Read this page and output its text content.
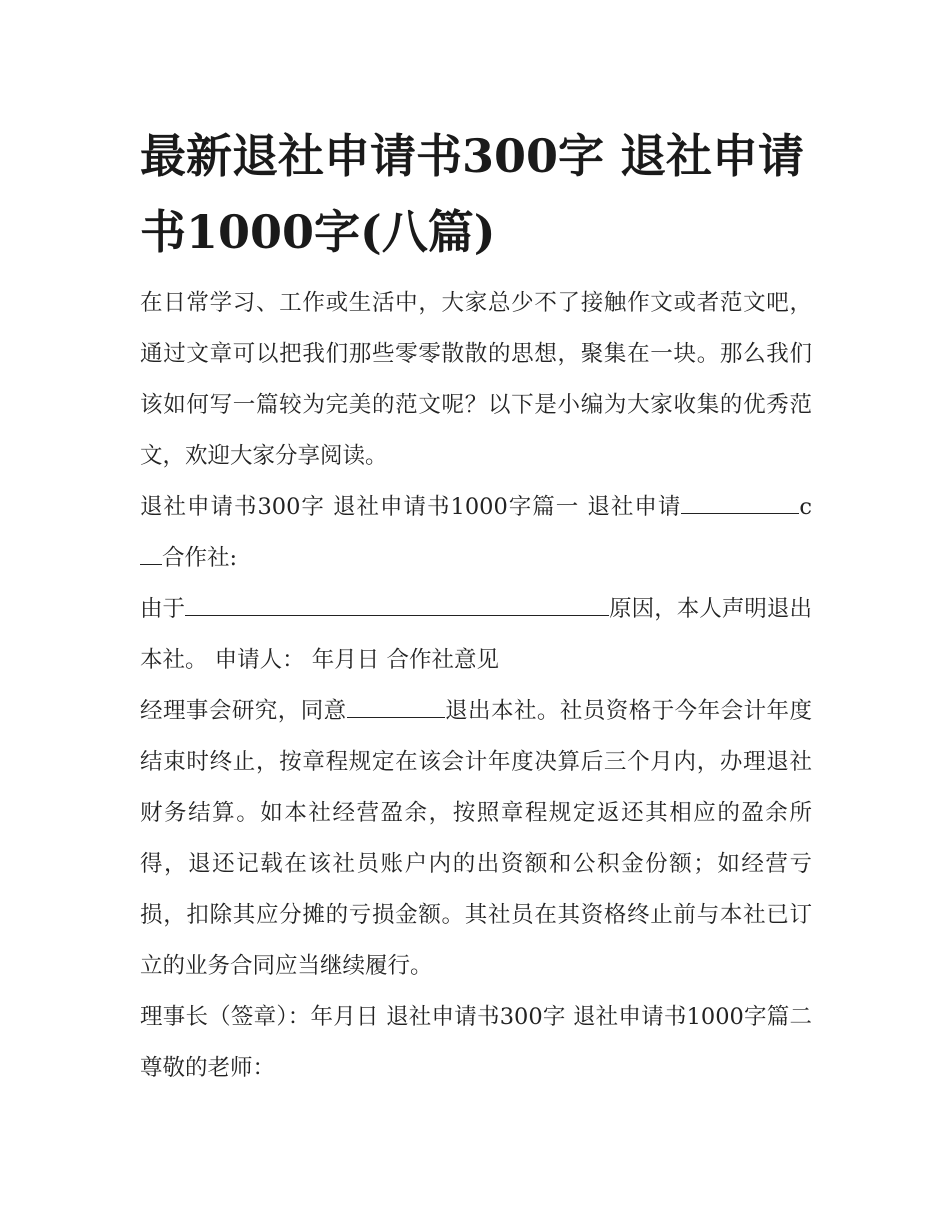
最新退社申请书300字 退社申请书1000字(八篇)

在日常学习、工作或生活中，大家总少不了接触作文或者范文吧，通过文章可以把我们那些零零散散的思想，聚集在一块。那么我们该如何写一篇较为完美的范文呢？以下是小编为大家收集的优秀范文，欢迎大家分享阅读。

退社申请书300字 退社申请书1000字篇一 退社申请	c合作社:

由于	原因，本人声明退出本社。 申请人： 年月日 合作社意见

经理事会研究，同意	退出本社。社员资格于今年会计年度结束时终止，按章程规定在该会计年度决算后三个月内，办理退社财务结算。如本社经营盈余，按照章程规定返还其相应的盈余所得，退还记载在该社员账户内的出资额和公积金份额；如经营亏损，扣除其应分摊的亏损金额。其社员在其资格终止前与本社已订立的业务合同应当继续履行。

理事长（签章）：年月日 退社申请书300字 退社申请书1000字篇二 尊敬的老师：
